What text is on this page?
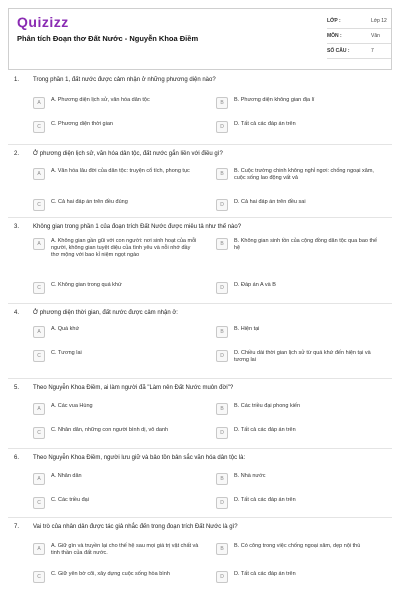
Quizizz
Phân tích Đoạn thơ Đất Nước - Nguyễn Khoa Điềm
LỚP :	Lớp 12
MÔN :	Văn
SỐ CÂU :	7
1. Trong phần 1, đất nước được cảm nhận ở những phương diện nào?
A	A. Phương diện lịch sử, văn hóa dân tộc	B	B. Phương diện không gian địa lí
C	C. Phương diện thời gian	D	D. Tất cả các đáp án trên
2. Ở phương diện lịch sử, văn hóa dân tộc, đất nước gắn liền với điều gì?
A	A. Văn hóa lâu đời của dân tộc: truyện cổ tích, phong tục	B	B. Cuộc trường chinh không nghỉ ngơi: chống ngoại xâm, cuộc sống lao động vất vả
C	C. Cả hai đáp án trên đều đúng	D	D. Cả hai đáp án trên đều sai
3. Không gian trong phần 1 của đoạn trích Đất Nước được miêu tả như thế nào?
A	A. Không gian gần gũi với con người: nơi sinh hoạt của mỗi người, không gian tuyệt diệu của tình yêu và nỗi nhớ đầy thơ mộng với bao kỉ niệm ngọt ngào
B	B. Không gian sinh tồn của cộng đồng dân tộc qua bao thế hệ
C	C. Không gian trong quá khứ	D	D. Đáp án A và B
4. Ở phương diện thời gian, đất nước được cảm nhận ở:
A	A. Quá khứ	B	B. Hiện tại
C	C. Tương lai	D	D. Chiều dài thời gian lịch sử từ quá khứ đến hiện tại và tương lai
5. Theo Nguyễn Khoa Điềm, ai làm người đã "Làm nên Đất Nước muôn đời"?
A	A. Các vua Hùng	B	B. Các triều đại phong kiến
C	C. Nhân dân, những con người bình dị, vô danh	D	D. Tất cả các đáp án trên
6. Theo Nguyễn Khoa Điềm, người lưu giữ và bảo tồn bản sắc văn hóa dân tộc là:
A	A. Nhân dân	B	B. Nhà nước
C	C. Các triều đại	D	D. Tất cả các đáp án trên
7. Vai trò của nhân dân được tác giả nhắc đến trong đoạn trích Đất Nước là gì?
A	A. Giữ gìn và truyền lại cho thế hệ sau mọi giá trị vật chất và tinh thần của đất nước.
B	B. Có công trong việc chống ngoại xâm, dẹp nội thù
C	C. Giữ yên bờ cõi, xây dựng cuộc sống hòa bình	D	D. Tất cả các đáp án trên
